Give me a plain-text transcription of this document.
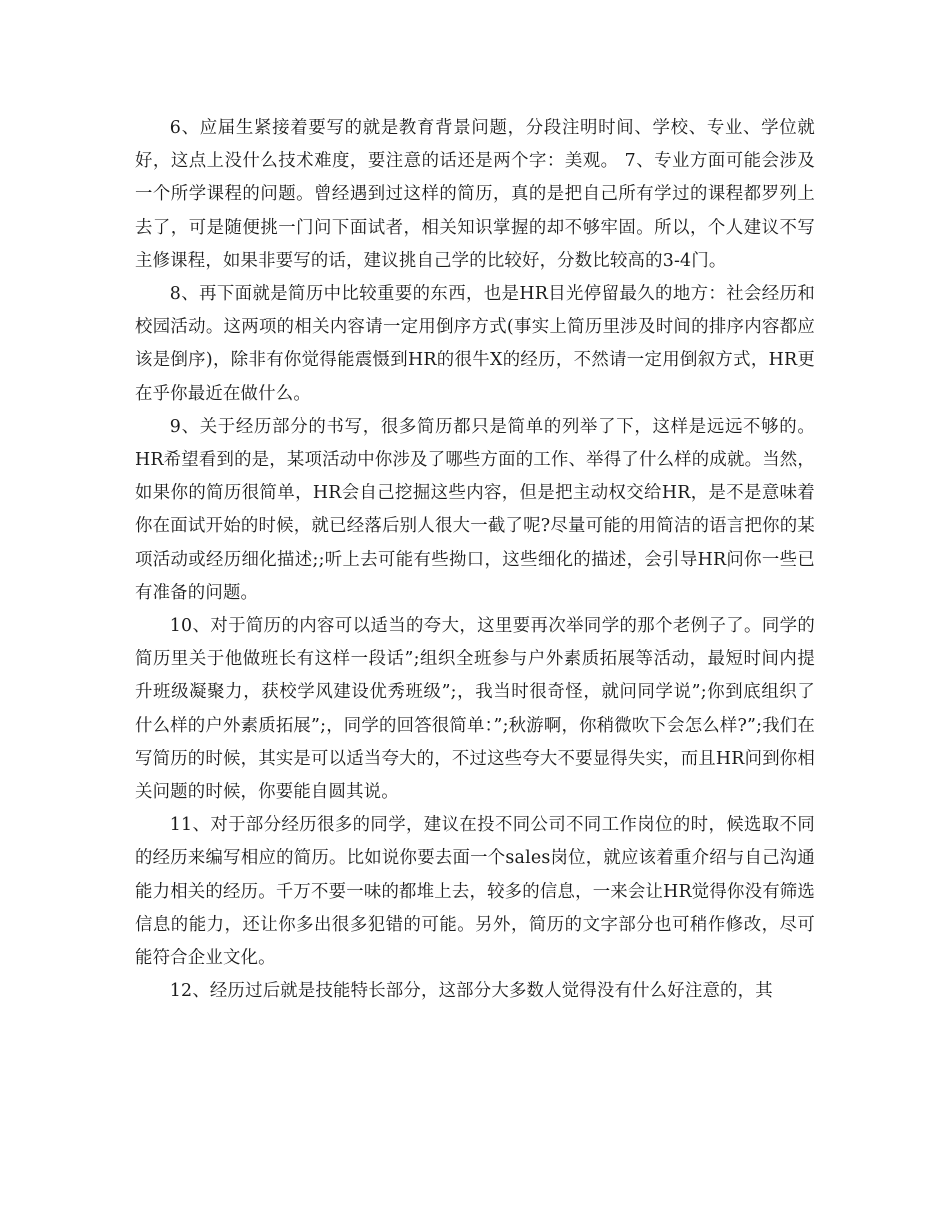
6、应届生紧接着要写的就是教育背景问题，分段注明时间、学校、专业、学位就好，这点上没什么技术难度，要注意的话还是两个字：美观。 7、专业方面可能会涉及一个所学课程的问题。曾经遇到过这样的简历，真的是把自己所有学过的课程都罗列上去了，可是随便挑一门问下面试者，相关知识掌握的却不够牢固。所以，个人建议不写主修课程，如果非要写的话，建议挑自己学的比较好，分数比较高的3-4门。

8、再下面就是简历中比较重要的东西，也是HR目光停留最久的地方：社会经历和校园活动。这两项的相关内容请一定用倒序方式(事实上简历里涉及时间的排序内容都应该是倒序)，除非有你觉得能震慑到HR的很牛X的经历，不然请一定用倒叙方式，HR更在乎你最近在做什么。

9、关于经历部分的书写，很多简历都只是简单的列举了下，这样是远远不够的。HR希望看到的是，某项活动中你涉及了哪些方面的工作、举得了什么样的成就。当然，如果你的简历很简单，HR会自己挖掘这些内容，但是把主动权交给HR，是不是意味着你在面试开始的时候，就已经落后别人很大一截了呢?尽量可能的用简洁的语言把你的某项活动或经历细化描述;;听上去可能有些拗口，这些细化的描述，会引导HR问你一些已有准备的问题。

10、对于简历的内容可以适当的夸大，这里要再次举同学的那个老例子了。同学的简历里关于他做班长有这样一段话”;组织全班参与户外素质拓展等活动，最短时间内提升班级凝聚力，获校学风建设优秀班级”;，我当时很奇怪，就问同学说”;你到底组织了什么样的户外素质拓展”;，同学的回答很简单：”;秋游啊，你稍微吹下会怎么样?”;我们在写简历的时候，其实是可以适当夸大的，不过这些夸大不要显得失实，而且HR问到你相关问题的时候，你要能自圆其说。

11、对于部分经历很多的同学，建议在投不同公司不同工作岗位的时，候选取不同的经历来编写相应的简历。比如说你要去面一个sales岗位，就应该着重介绍与自己沟通能力相关的经历。千万不要一味的都堆上去，较多的信息，一来会让HR觉得你没有筛选信息的能力，还让你多出很多犯错的可能。另外，简历的文字部分也可稍作修改，尽可能符合企业文化。

12、经历过后就是技能特长部分，这部分大多数人觉得没有什么好注意的，其
